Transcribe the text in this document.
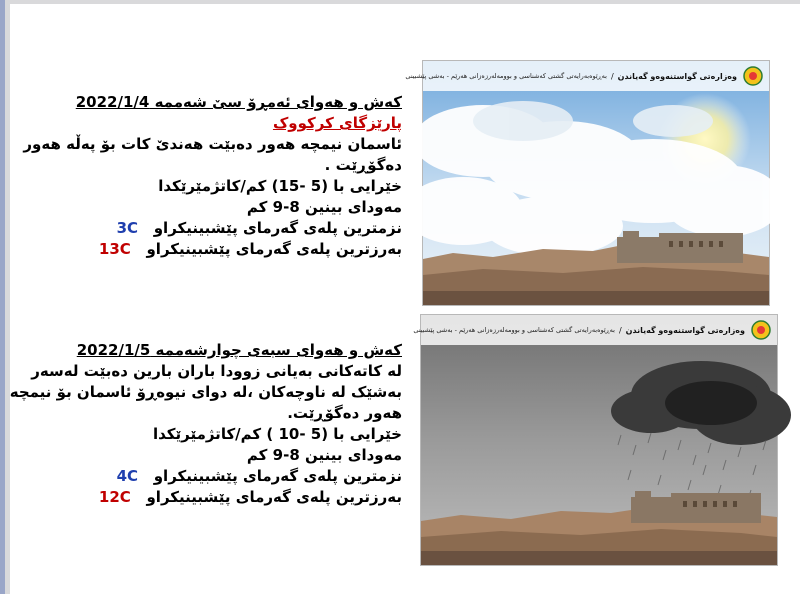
کەش و هەوای ئەمڕۆ سێ شەممە 2022/1/4
پارێزگای کرکووک
ئاسمان نیمچە هەور دەبێت هەندێ کات بۆ پەڵە هەور
دەگۆڕێت .
خێرایی با (5 -15) کم/کاتژمێرێکدا
مەودای بینین 8-9 کم
نزمترین پلەی گەرمای پێشبینیکراو   3C
بەرزترین پلەی گەرمای پێشبینیکراو   13C
کەش و هەوای سبەی چوارشەممە 2022/1/5
لە کاتەکانی بەیانی زوودا باران بارین دەبێت لەسەر
بەشێک لە ناوچەکان ،لە دوای نیوەڕۆ ئاسمان بۆ نیمچە
هەور دەگۆڕێت.
خێرایی با (5 -10 ) کم/کاتژمێرێکدا
مەودای بینین 8-9 کم
نزمترین پلەی گەرمای پێشبینیکراو   4C
بەرزترین پلەی گەرمای پێشبینیکراو   12C
وەزارەتی گواستنەوەو گەیاندن
/
بەڕێوەبەرایەتی گشتی کەشناسی و بوومەلەرزەزانی هەرێم - بەشی پێشبینی
وەزارەتی گواستنەوەو گەیاندن
/
بەڕێوەبەرایەتی گشتی کەشناسی و بوومەلەرزەزانی هەرێم - بەشی پێشبینی
